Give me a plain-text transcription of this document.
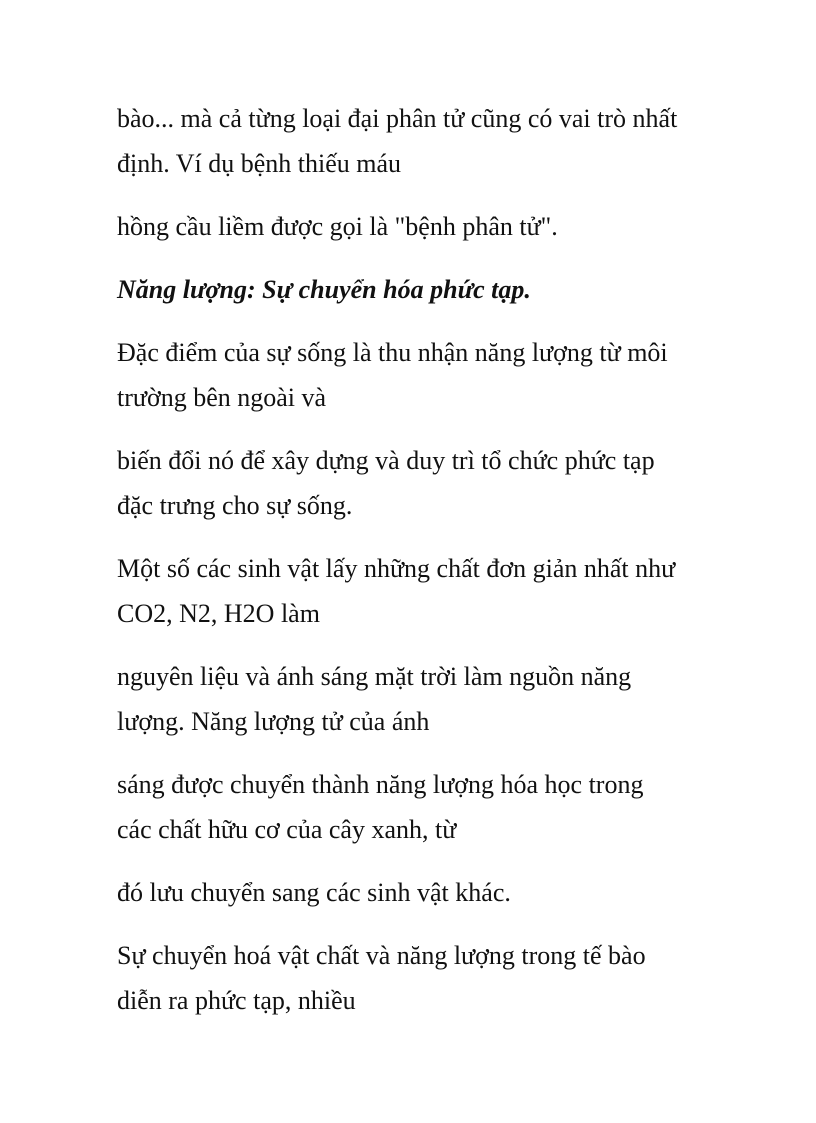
bào... mà cả từng loại đại phân tử cũng có vai trò nhất
định. Ví dụ bệnh thiếu máu
hồng cầu liềm được gọi là "bệnh phân tử".
Năng lượng: Sự chuyển hóa phức tạp.
Đặc điểm của sự sống là thu nhận năng lượng từ môi
trường bên ngoài và
biến đổi nó để xây dựng và duy trì tổ chức phức tạp
đặc trưng cho sự sống.
Một số các sinh vật lấy những chất đơn giản nhất như
CO2, N2, H2O làm
nguyên liệu và ánh sáng mặt trời làm nguồn năng
lượng. Năng lượng tử của ánh
sáng được chuyển thành năng lượng hóa học trong
các chất hữu cơ của cây xanh, từ
đó lưu chuyển sang các sinh vật khác.
Sự chuyển hoá vật chất và năng lượng trong tế bào
diễn ra phức tạp, nhiều
